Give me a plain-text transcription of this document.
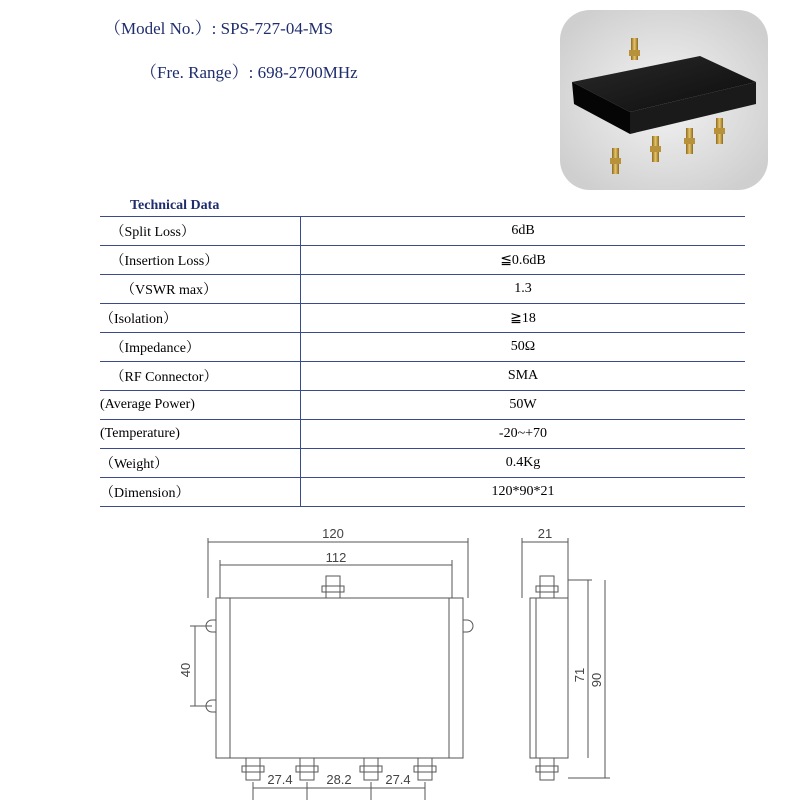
（Model No.）: SPS-727-04-MS
（Fre. Range）: 698-2700MHz
Technical Data
（Split Loss）	6dB
（Insertion Loss）	≦0.6dB
（VSWR max）	1.3
（Isolation）	≧18
（Impedance）	50Ω
（RF Connector）	SMA
(Average Power)	50W
(Temperature)	-20~+70
（Weight）	0.4Kg
（Dimension）	120*90*21
120
112
40
27.4	28.2	27.4
21
71 90
